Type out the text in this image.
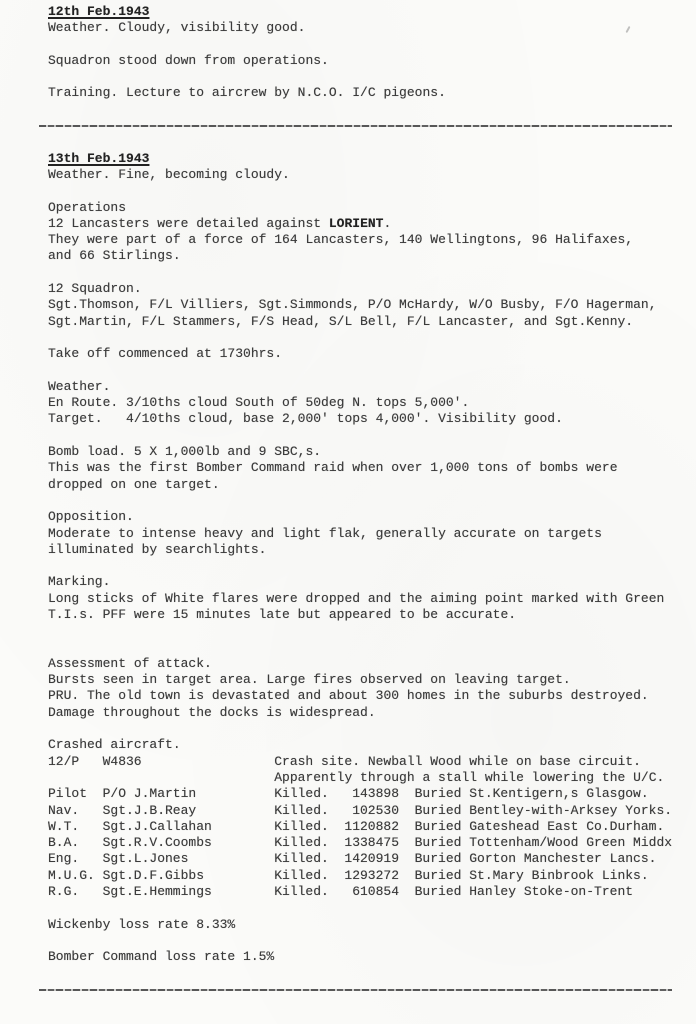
12th Feb.1943
Weather. Cloudy, visibility good.
Squadron stood down from operations.
Training. Lecture to aircrew by N.C.O. I/C pigeons.
13th Feb.1943
Weather. Fine, becoming cloudy.
Operations
12 Lancasters were detailed against LORIENT.
They were part of a force of 164 Lancasters, 140 Wellingtons, 96 Halifaxes,
and 66 Stirlings.
12 Squadron.
Sgt.Thomson, F/L Villiers, Sgt.Simmonds, P/O McHardy, W/O Busby, F/O Hagerman,
Sgt.Martin, F/L Stammers, F/S Head, S/L Bell, F/L Lancaster, and Sgt.Kenny.
Take off commenced at 1730hrs.
Weather.
En Route. 3/10ths cloud South of 50deg N. tops 5,000'.
Target.   4/10ths cloud, base 2,000' tops 4,000'. Visibility good.
Bomb load. 5 X 1,000lb and 9 SBC,s.
This was the first Bomber Command raid when over 1,000 tons of bombs were
dropped on one target.
Opposition.
Moderate to intense heavy and light flak, generally accurate on targets
illuminated by searchlights.
Marking.
Long sticks of White flares were dropped and the aiming point marked with Green
T.I.s. PFF were 15 minutes late but appeared to be accurate.
Assessment of attack.
Bursts seen in target area. Large fires observed on leaving target.
PRU. The old town is devastated and about 300 homes in the suburbs destroyed.
Damage throughout the docks is widespread.
Crashed aircraft.
12/P W4836	Crash site. Newball Wood while on base circuit.
Apparently through a stall while lowering the U/C.
Pilot P/O J.Martin	Killed. 143898 Buried St.Kentigern,s Glasgow.
Nav. Sgt.J.B.Reay	Killed. 102530 Buried Bentley-with-Arksey Yorks.
W.T. Sgt.J.Callahan	Killed. 1120882 Buried Gateshead East Co.Durham.
B.A. Sgt.R.V.Coombs	Killed. 1338475 Buried Tottenham/Wood Green Middx
Eng. Sgt.L.Jones	Killed. 1420919 Buried Gorton Manchester Lancs.
M.U.G. Sgt.D.F.Gibbs	Killed. 1293272 Buried St.Mary Binbrook Links.
R.G. Sgt.E.Hemmings	Killed. 610854 Buried Hanley Stoke-on-Trent
Wickenby loss rate 8.33%
Bomber Command loss rate 1.5%
